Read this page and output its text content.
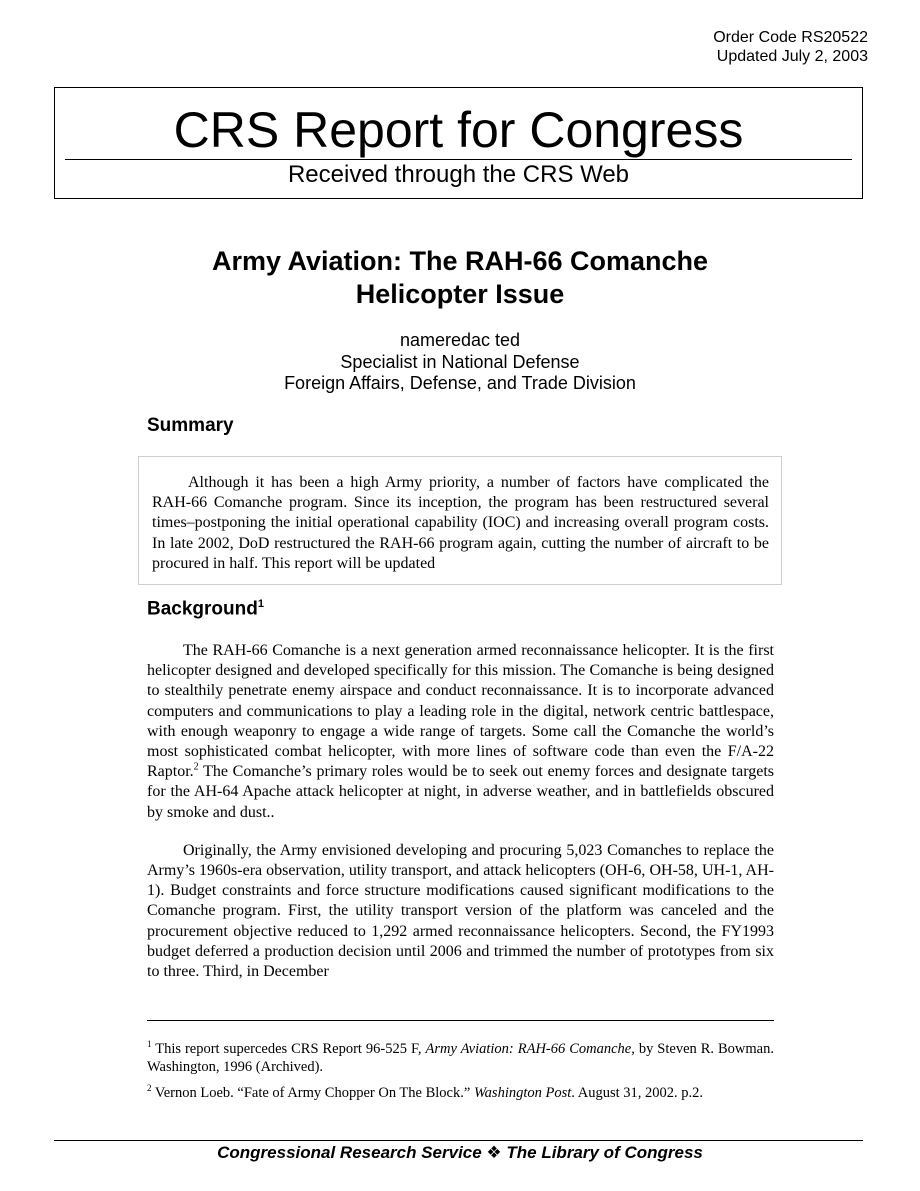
Order Code RS20522
Updated July 2, 2003
CRS Report for Congress
Received through the CRS Web
Army Aviation: The RAH-66 Comanche
Helicopter Issue
nameredac ted
Specialist in National Defense
Foreign Affairs, Defense, and Trade Division
Summary

Although it has been a high Army priority, a number of factors have complicated the RAH-66 Comanche program. Since its inception, the program has been restructured several times–postponing the initial operational capability (IOC) and increasing overall program costs. In late 2002, DoD restructured the RAH-66 program again, cutting the number of aircraft to be procured in half. This report will be updated

Background$^1$

The RAH-66 Comanche is a next generation armed reconnaissance helicopter. It is the first helicopter designed and developed specifically for this mission. The Comanche is being designed to stealthily penetrate enemy airspace and conduct reconnaissance. It is to incorporate advanced computers and communications to play a leading role in the digital, network centric battlespace, with enough weaponry to engage a wide range of targets. Some call the Comanche the world’s most sophisticated combat helicopter, with more lines of software code than even the F/A-22 Raptor.$^2$ The Comanche’s primary roles would be to seek out enemy forces and designate targets for the AH-64 Apache attack helicopter at night, in adverse weather, and in battlefields obscured by smoke and dust..

Originally, the Army envisioned developing and procuring 5,023 Comanches to replace the Army’s 1960s-era observation, utility transport, and attack helicopters (OH-6, OH-58, UH-1, AH-1). Budget constraints and force structure modifications caused significant modifications to the Comanche program. First, the utility transport version of the platform was canceled and the procurement objective reduced to 1,292 armed reconnaissance helicopters. Second, the FY1993 budget deferred a production decision until 2006 and trimmed the number of prototypes from six to three. Third, in December

$^1$ This report supercedes CRS Report 96-525 F, Army Aviation: RAH-66 Comanche, by Steven R. Bowman. Washington, 1996 (Archived).

$^2$ Vernon Loeb. “Fate of Army Chopper On The Block.” Washington Post. August 31, 2002. p.2.

Congressional Research Service ❖ The Library of Congress
